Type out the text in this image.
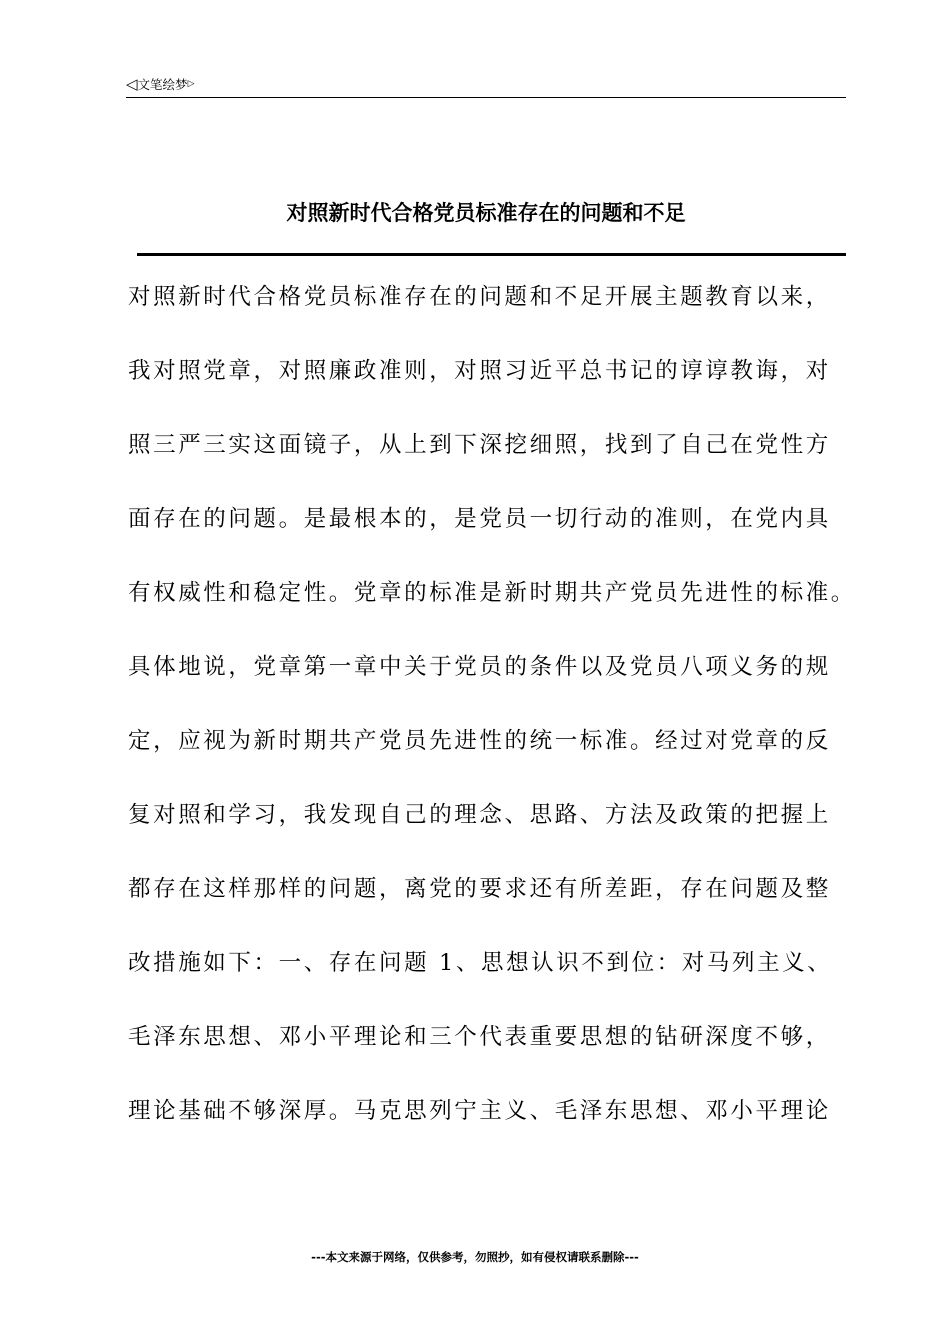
◁文笔绘梦▷
对照新时代合格党员标准存在的问题和不足
对照新时代合格党员标准存在的问题和不足开展主题教育以来，
我对照党章，对照廉政准则，对照习近平总书记的谆谆教诲，对
照三严三实这面镜子，从上到下深挖细照，找到了自己在党性方
面存在的问题。是最根本的，是党员一切行动的准则，在党内具
有权威性和稳定性。党章的标准是新时期共产党员先进性的标准。
具体地说，党章第一章中关于党员的条件以及党员八项义务的规
定，应视为新时期共产党员先进性的统一标准。经过对党章的反
复对照和学习，我发现自己的理念、思路、方法及政策的把握上
都存在这样那样的问题，离党的要求还有所差距，存在问题及整
改措施如下：一、存在问题 1、思想认识不到位：对马列主义、
毛泽东思想、邓小平理论和三个代表重要思想的钻研深度不够，
理论基础不够深厚。马克思列宁主义、毛泽东思想、邓小平理论
---本文来源于网络，仅供参考，勿照抄，如有侵权请联系删除---
